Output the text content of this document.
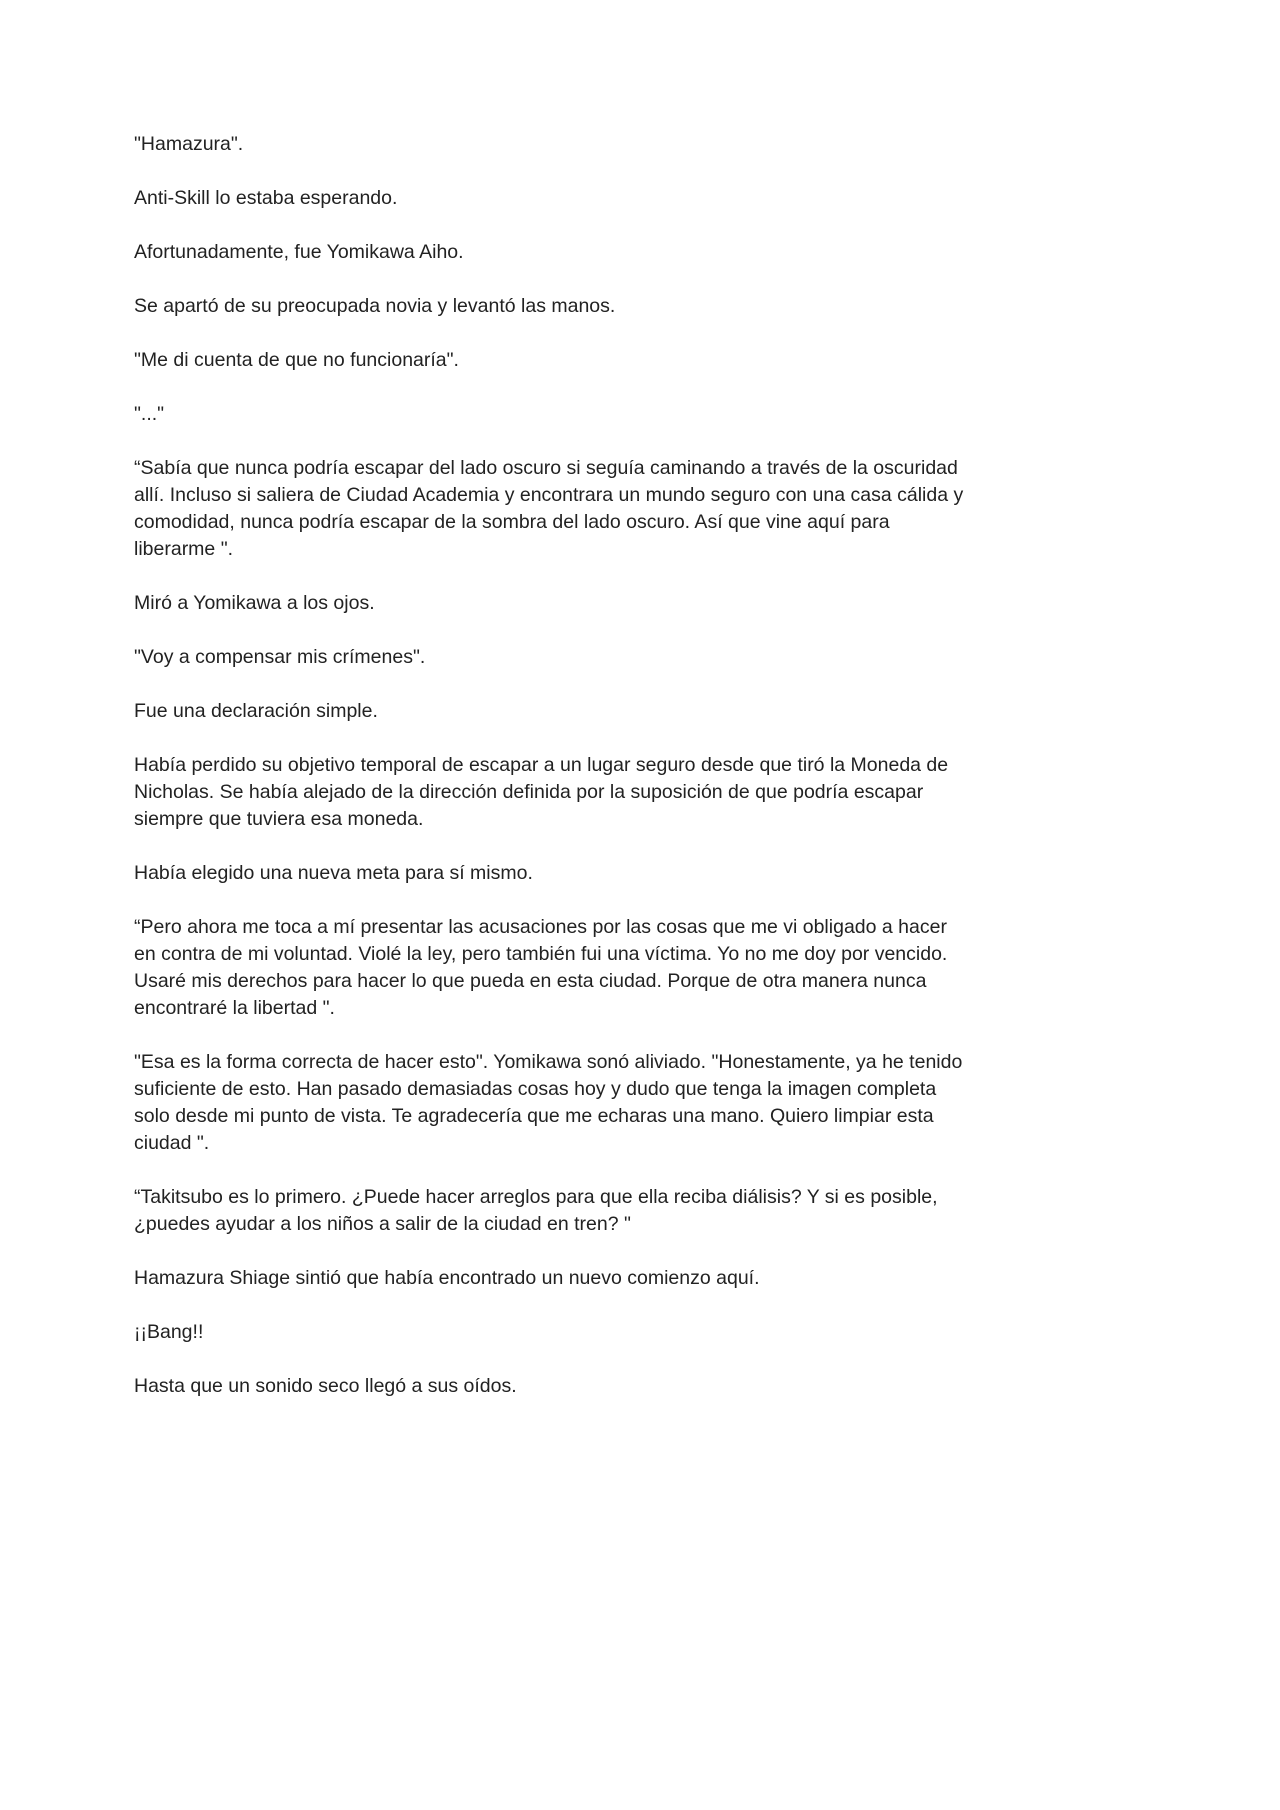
"Hamazura".

Anti-Skill lo estaba esperando.

Afortunadamente, fue Yomikawa Aiho.

Se apartó de su preocupada novia y levantó las manos.

"Me di cuenta de que no funcionaría".

"..."

“Sabía que nunca podría escapar del lado oscuro si seguía caminando a través de la oscuridad allí. Incluso si saliera de Ciudad Academia y encontrara un mundo seguro con una casa cálida y comodidad, nunca podría escapar de la sombra del lado oscuro. Así que vine aquí para liberarme ".

Miró a Yomikawa a los ojos.

"Voy a compensar mis crímenes".

Fue una declaración simple.

Había perdido su objetivo temporal de escapar a un lugar seguro desde que tiró la Moneda de Nicholas. Se había alejado de la dirección definida por la suposición de que podría escapar siempre que tuviera esa moneda.

Había elegido una nueva meta para sí mismo.

“Pero ahora me toca a mí presentar las acusaciones por las cosas que me vi obligado a hacer en contra de mi voluntad. Violé la ley, pero también fui una víctima. Yo no me doy por vencido. Usaré mis derechos para hacer lo que pueda en esta ciudad. Porque de otra manera nunca encontraré la libertad ".

"Esa es la forma correcta de hacer esto". Yomikawa sonó aliviado. "Honestamente, ya he tenido suficiente de esto. Han pasado demasiadas cosas hoy y dudo que tenga la imagen completa solo desde mi punto de vista. Te agradecería que me echaras una mano. Quiero limpiar esta ciudad ".

“Takitsubo es lo primero. ¿Puede hacer arreglos para que ella reciba diálisis? Y si es posible, ¿puedes ayudar a los niños a salir de la ciudad en tren? "

Hamazura Shiage sintió que había encontrado un nuevo comienzo aquí.

¡¡Bang!!

Hasta que un sonido seco llegó a sus oídos.
